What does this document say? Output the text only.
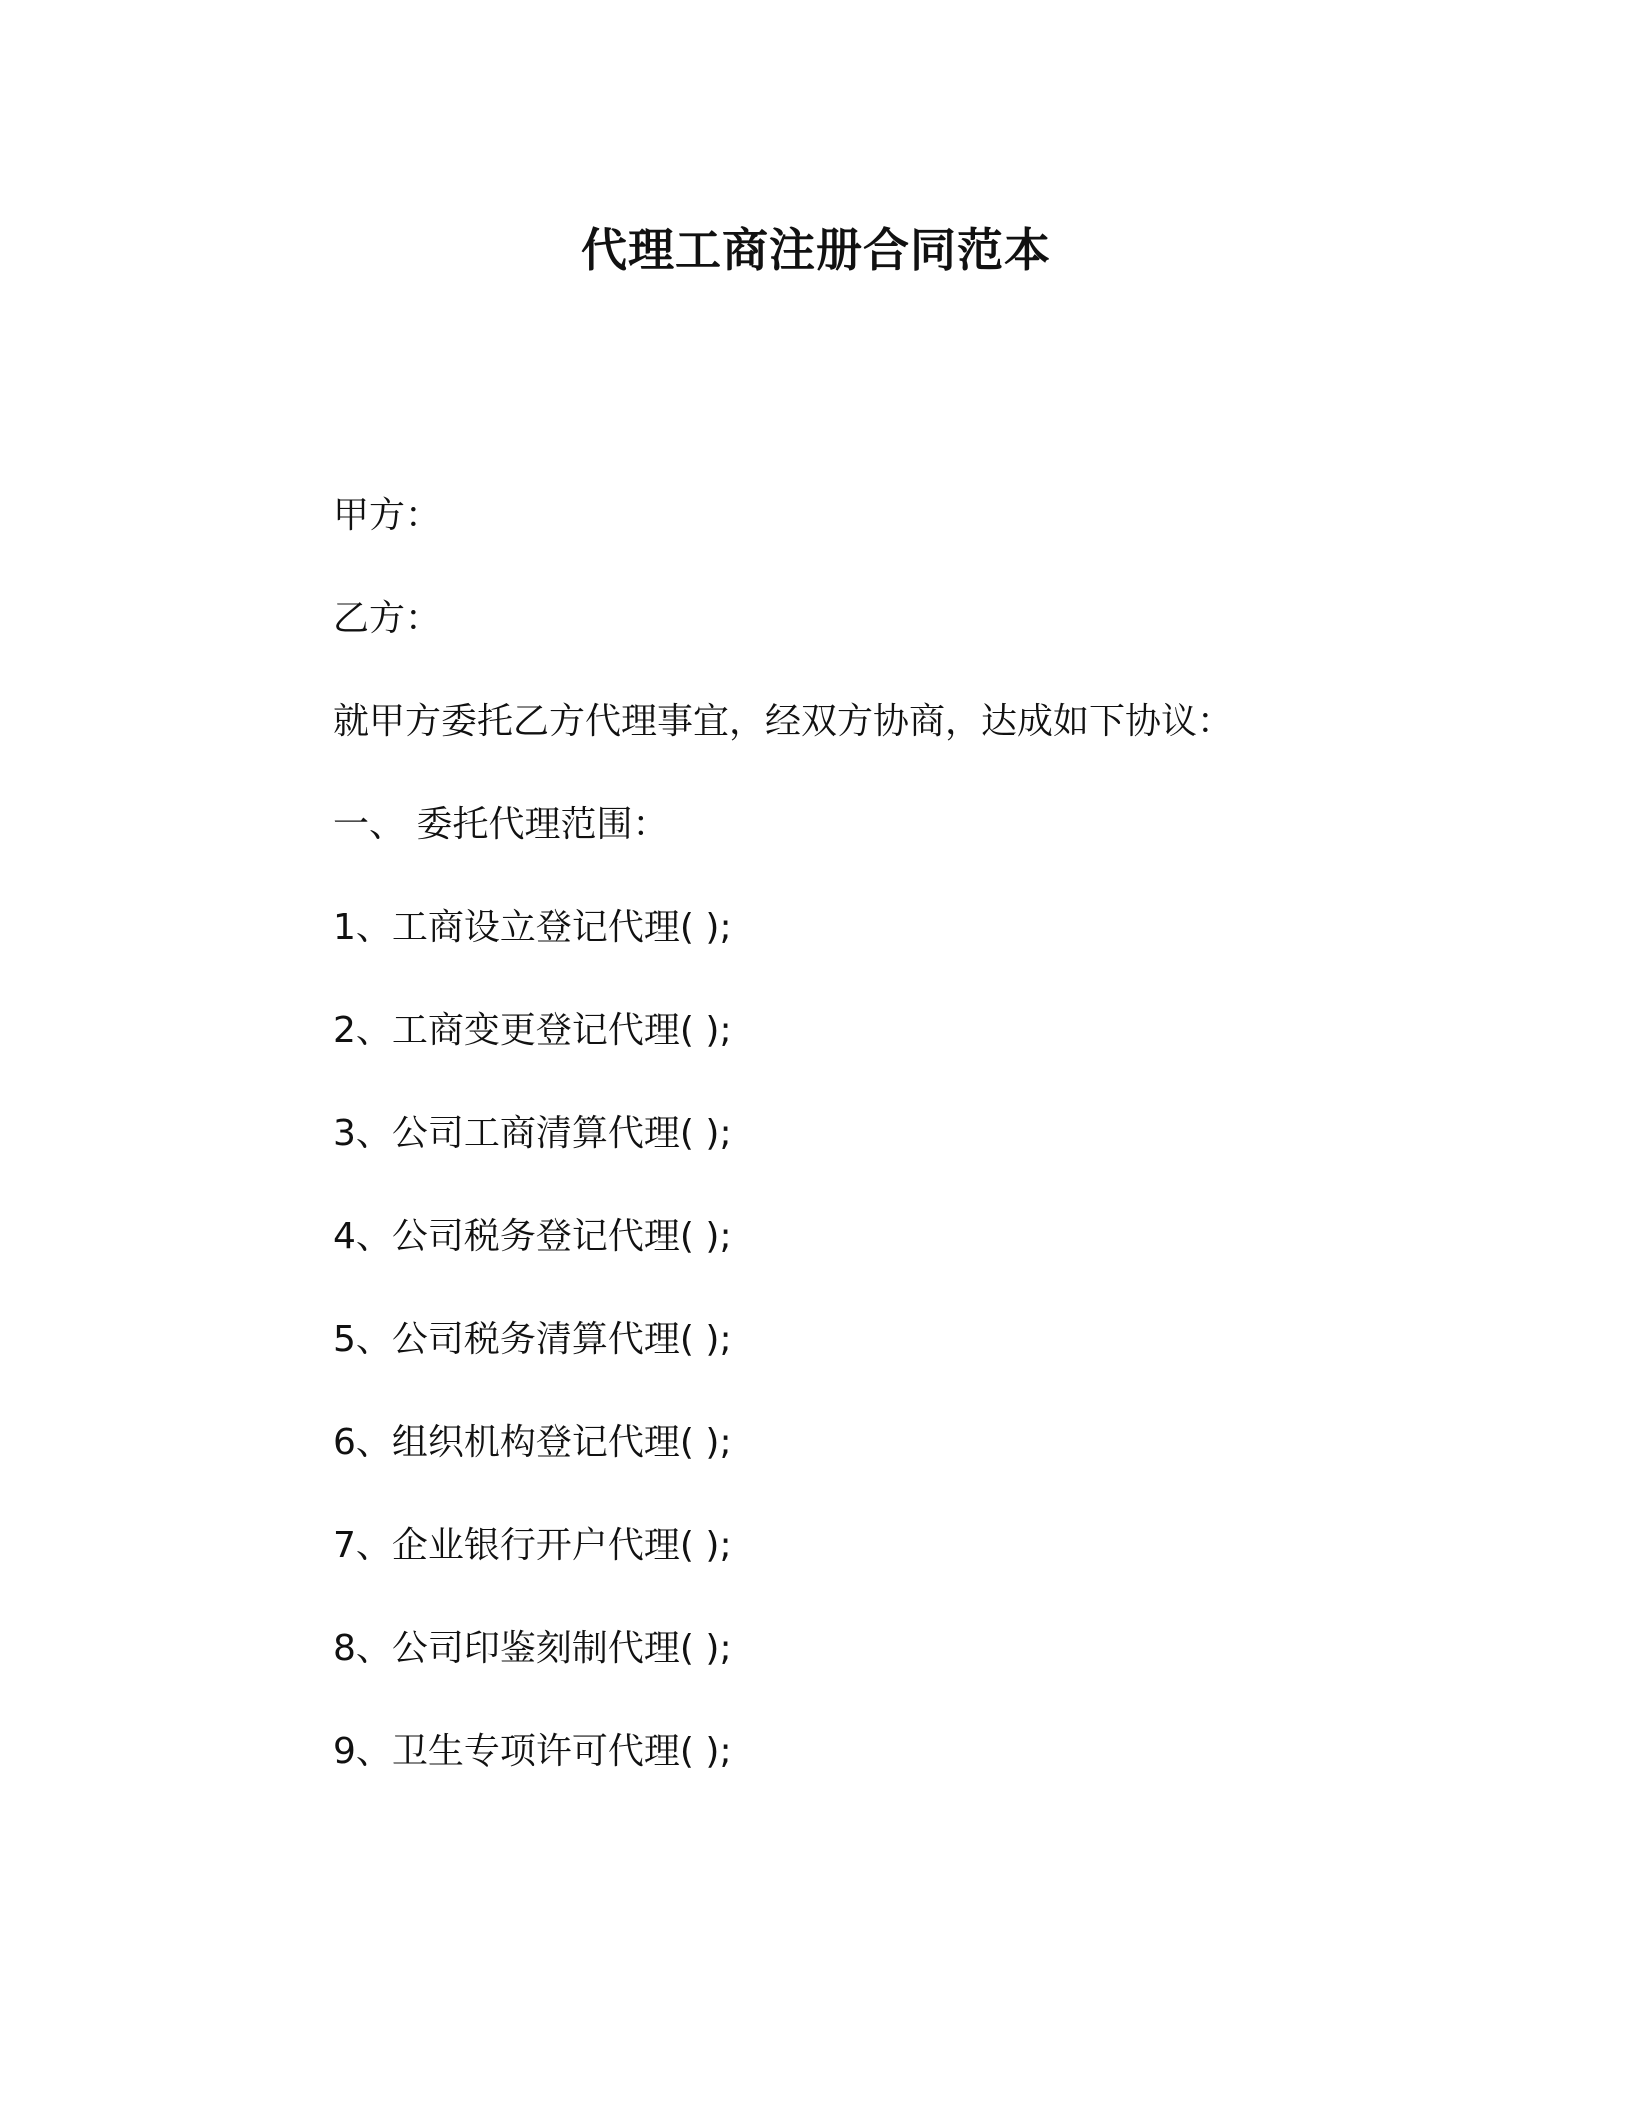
代理工商注册合同范本

甲方：

乙方：

就甲方委托乙方代理事宜，经双方协商，达成如下协议：

一、 委托代理范围：

1、工商设立登记代理( );
2、工商变更登记代理( );
3、公司工商清算代理( );
4、公司税务登记代理( );
5、公司税务清算代理( );
6、组织机构登记代理( );
7、企业银行开户代理( );
8、公司印鉴刻制代理( );
9、卫生专项许可代理( );
